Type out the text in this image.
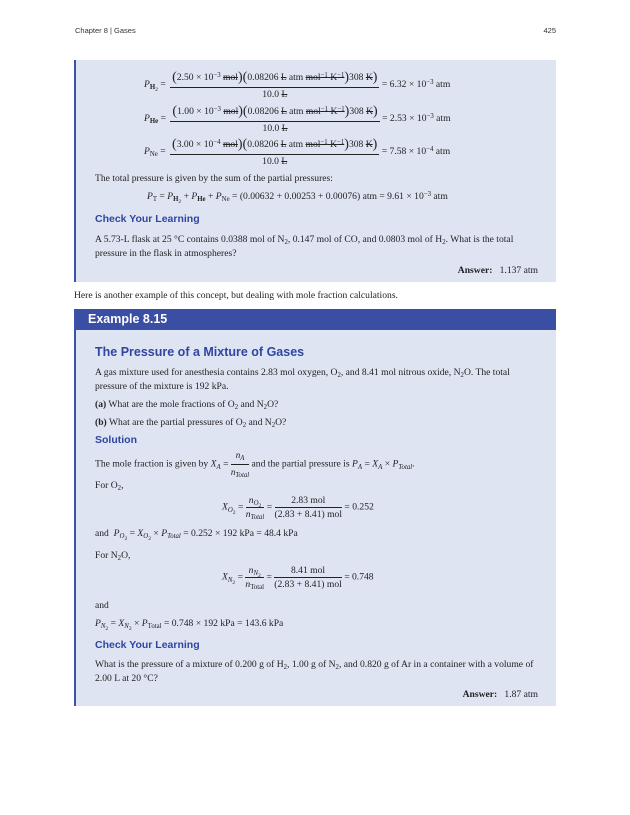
Chapter 8 | Gases	425
$P_{H2} = \frac{(2.50 \times 10^{-3} mol)(0.08206 L atm mol^{-1} K^{-1})308 K)}{10.0 L} = 6.32 \times 10^{-3}$ atm
$P_{He} = \frac{(1.00 \times 10^{-3} mol)(0.08206 L atm mol^{-1} K^{-1})308 K)}{10.0 L} = 2.53 \times 10^{-3}$ atm
$P_{Ne} = \frac{(3.00 \times 10^{-4} mol)(0.08206 L atm mol^{-1} K^{-1})308 K)}{10.0 L} = 7.58 \times 10^{-4}$ atm
The total pressure is given by the sum of the partial pressures:
$P_T = P_{H2} + P_{He} + P_{Ne} = (0.00632 + 0.00253 + 0.00076)$ atm = $9.61 \times 10^{-3}$ atm
Check Your Learning
A 5.73-L flask at 25 °C contains 0.0388 mol of $N_2$, 0.147 mol of CO, and 0.0803 mol of $H_2$. What is the total pressure in the flask in atmospheres?
Answer: 1.137 atm
Here is another example of this concept, but dealing with mole fraction calculations.
Example 8.15
The Pressure of a Mixture of Gases
A gas mixture used for anesthesia contains 2.83 mol oxygen, $O_2$, and 8.41 mol nitrous oxide, $N_2O$. The total pressure of the mixture is 192 kPa.
(a) What are the mole fractions of $O_2$ and $N_2O$?
(b) What are the partial pressures of $O_2$ and $N_2O$?
Solution
The mole fraction is given by $X_A = \frac{n_A}{n_{Total}}$ and the partial pressure is $P_A = X_A \times P_{Total}$.
For $O_2$,
$X_{O2} = \frac{n_{O2}}{n_{Total}} = \frac{\text{2.83 mol}}{\text{(2.83 + 8.41) mol}} = 0.252$
and $P_{O2} = X_{O2} \times P_{Total} = 0.252 \times 192$ kPa = 48.4 kPa
For $N_2O$,
$X_{N2} = \frac{n_{N2}}{n_{Total}} = \frac{\text{8.41 mol}}{\text{(2.83 + 8.41) mol}} = 0.748$
and
$P_{N2} = X_{N2} \times P_{Total} = 0.748 \times 192$ kPa = 143.6 kPa
Check Your Learning
What is the pressure of a mixture of 0.200 g of $H_2$, 1.00 g of $N_2$, and 0.820 g of Ar in a container with a volume of 2.00 L at 20 °C?
Answer: 1.87 atm
